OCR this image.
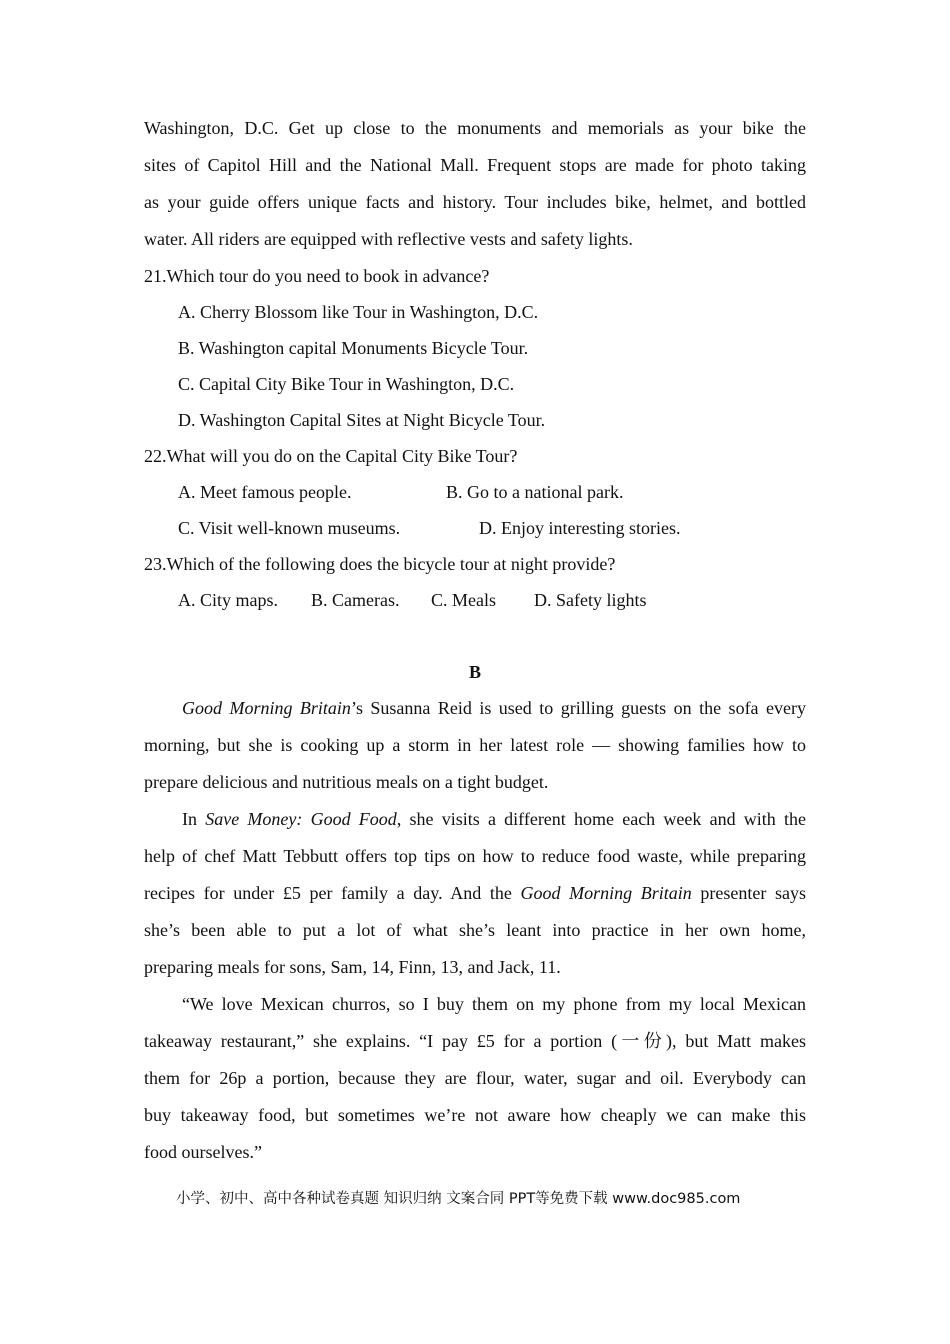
Washington, D.C. Get up close to the monuments and memorials as your bike the
sites of Capitol Hill and the National Mall. Frequent stops are made for photo taking
as your guide offers unique facts and history. Tour includes bike, helmet, and bottled
water. All riders are equipped with reflective vests and safety lights.
21.Which tour do you need to book in advance?
A. Cherry Blossom like Tour in Washington, D.C.
B. Washington capital Monuments Bicycle Tour.
C. Capital City Bike Tour in Washington, D.C.
D. Washington Capital Sites at Night Bicycle Tour.
22.What will you do on the Capital City Bike Tour?
A. Meet famous people.	B. Go to a national park.
C. Visit well-known museums.	D. Enjoy interesting stories.
23.Which of the following does the bicycle tour at night provide?
A. City maps. B. Cameras. C. Meals D. Safety lights
B
Good Morning Britain’s Susanna Reid is used to grilling guests on the sofa every
morning, but she is cooking up a storm in her latest role — showing families how to
prepare delicious and nutritious meals on a tight budget.
In Save Money: Good Food, she visits a different home each week and with the
help of chef Matt Tebbutt offers top tips on how to reduce food waste, while preparing
recipes for under £5 per family a day. And the Good Morning Britain presenter says
she’s been able to put a lot of what she’s leant into practice in her own home,
preparing meals for sons, Sam, 14, Finn, 13, and Jack, 11.
“We love Mexican churros, so I buy them on my phone from my local Mexican
takeaway restaurant,” she explains. “I pay £5 for a portion (一份), but Matt makes
them for 26p a portion, because they are flour, water, sugar and oil. Everybody can
buy takeaway food, but sometimes we’re not aware how cheaply we can make this
food ourselves.”
小学、初中、高中各种试卷真题 知识归纳 文案合同 PPT等免费下载 www.doc985.com
